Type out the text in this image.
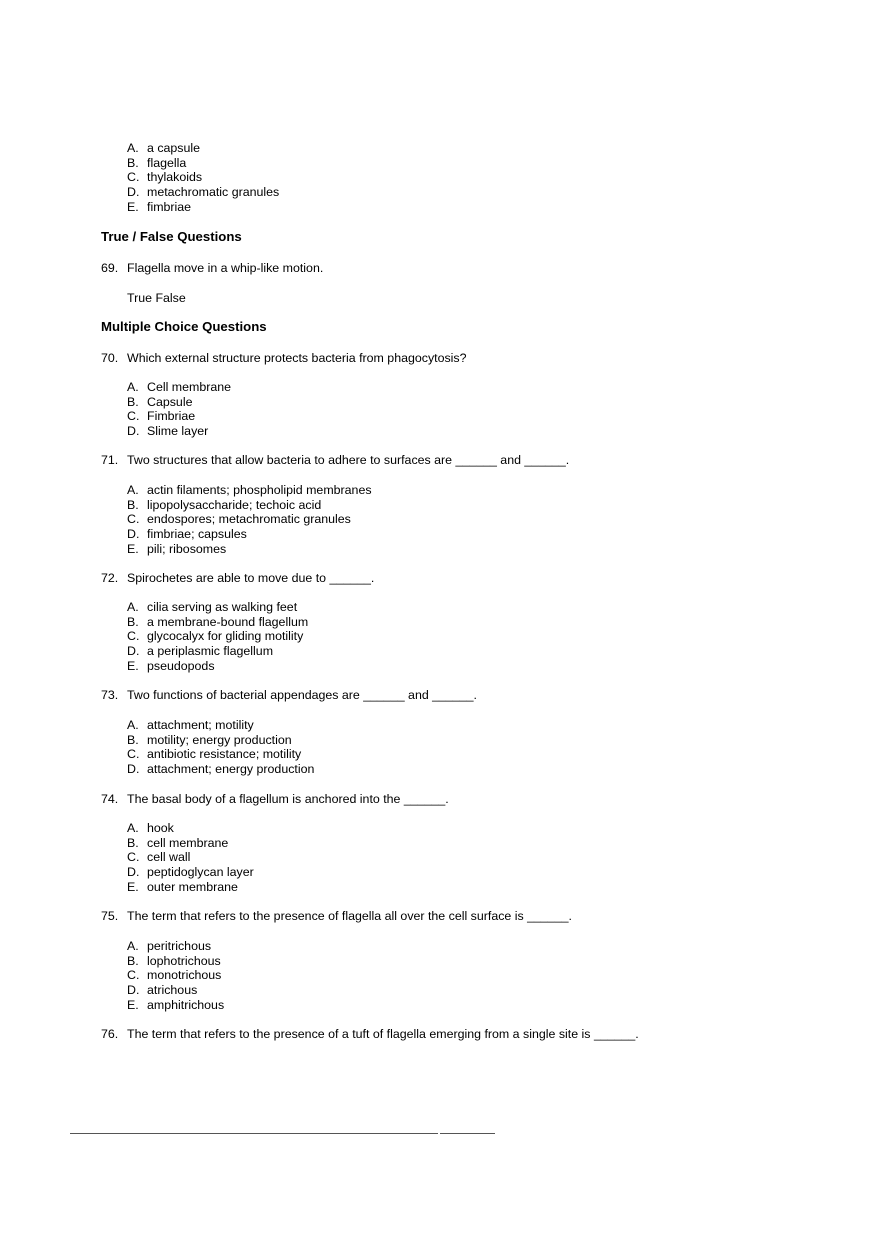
A. a capsule
B. flagella
C. thylakoids
D. metachromatic granules
E. fimbriae
True / False Questions
69. Flagella move in a whip-like motion.
True False
Multiple Choice Questions
70. Which external structure protects bacteria from phagocytosis?
A. Cell membrane
B. Capsule
C. Fimbriae
D. Slime layer
71. Two structures that allow bacteria to adhere to surfaces are ______ and ______.
A. actin filaments; phospholipid membranes
B. lipopolysaccharide; techoic acid
C. endospores; metachromatic granules
D. fimbriae; capsules
E. pili; ribosomes
72. Spirochetes are able to move due to ______.
A. cilia serving as walking feet
B. a membrane-bound flagellum
C. glycocalyx for gliding motility
D. a periplasmic flagellum
E. pseudopods
73. Two functions of bacterial appendages are ______ and ______.
A. attachment; motility
B. motility; energy production
C. antibiotic resistance; motility
D. attachment; energy production
74. The basal body of a flagellum is anchored into the ______.
A. hook
B. cell membrane
C. cell wall
D. peptidoglycan layer
E. outer membrane
75. The term that refers to the presence of flagella all over the cell surface is ______.
A. peritrichous
B. lophotrichous
C. monotrichous
D. atrichous
E. amphitrichous
76. The term that refers to the presence of a tuft of flagella emerging from a single site is ______.
